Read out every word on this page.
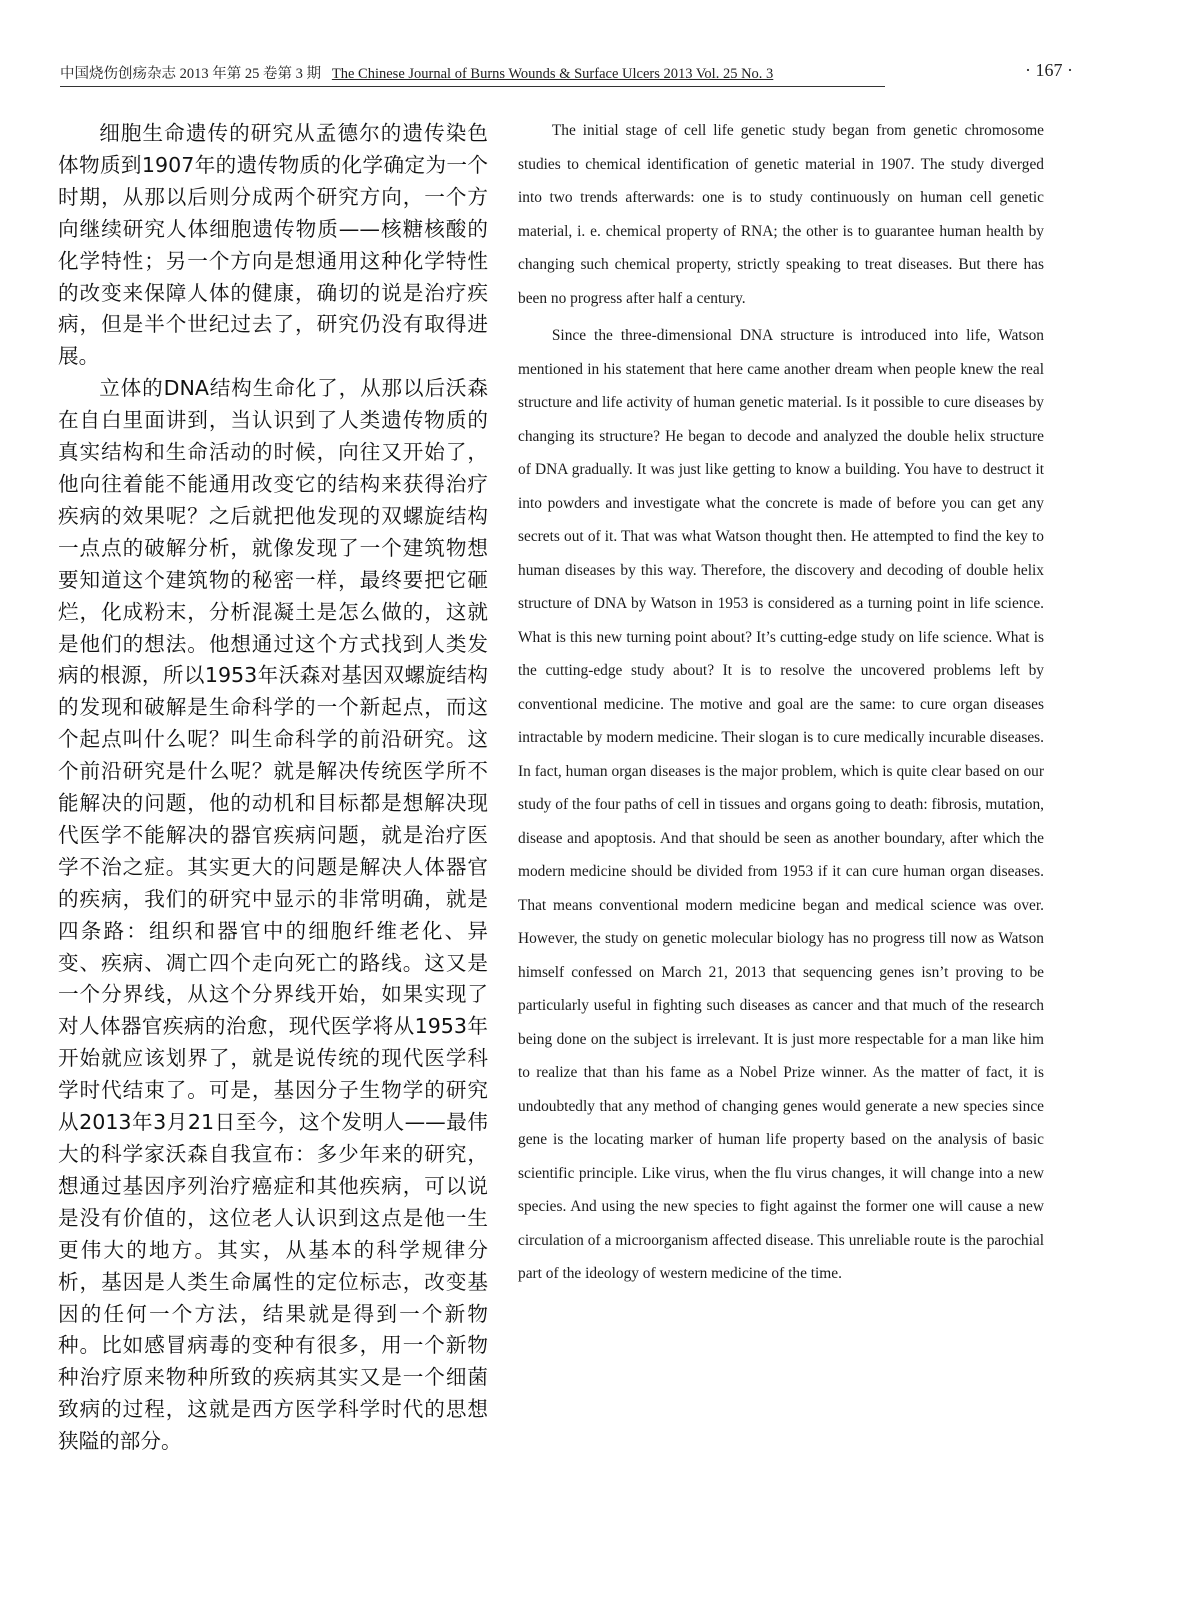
中国烧伤创疡杂志 2013 年第 25 卷第 3 期 The Chinese Journal of Burns Wounds & Surface Ulcers 2013 Vol. 25 No. 3	· 167 ·

细胞生命遗传的研究从孟德尔的遗传染色体物质到1907年的遗传物质的化学确定为一个时期，从那以后则分成两个研究方向，一个方向继续研究人体细胞遗传物质——核糖核酸的化学特性；另一个方向是想通用这种化学特性的改变来保障人体的健康，确切的说是治疗疾病，但是半个世纪过去了，研究仍没有取得进展。

立体的DNA结构生命化了，从那以后沃森在自白里面讲到，当认识到了人类遗传物质的真实结构和生命活动的时候，向往又开始了，他向往着能不能通用改变它的结构来获得治疗疾病的效果呢？之后就把他发现的双螺旋结构一点点的破解分析，就像发现了一个建筑物想要知道这个建筑物的秘密一样，最终要把它砸烂，化成粉末，分析混凝土是怎么做的，这就是他们的想法。他想通过这个方式找到人类发病的根源，所以1953年沃森对基因双螺旋结构的发现和破解是生命科学的一个新起点，而这个起点叫什么呢？叫生命科学的前沿研究。这个前沿研究是什么呢？就是解决传统医学所不能解决的问题，他的动机和目标都是想解决现代医学不能解决的器官疾病问题，就是治疗医学不治之症。其实更大的问题是解决人体器官的疾病，我们的研究中显示的非常明确，就是四条路：组织和器官中的细胞纤维老化、异变、疾病、凋亡四个走向死亡的路线。这又是一个分界线，从这个分界线开始，如果实现了对人体器官疾病的治愈，现代医学将从1953年开始就应该划界了，就是说传统的现代医学科学时代结束了。可是，基因分子生物学的研究从2013年3月21日至今，这个发明人——最伟大的科学家沃森自我宣布：多少年来的研究，想通过基因序列治疗癌症和其他疾病，可以说是没有价值的，这位老人认识到这点是他一生更伟大的地方。其实，从基本的科学规律分析，基因是人类生命属性的定位标志，改变基因的任何一个方法，结果就是得到一个新物种。比如感冒病毒的变种有很多，用一个新物种治疗原来物种所致的疾病其实又是一个细菌致病的过程，这就是西方医学科学时代的思想狭隘的部分。

The initial stage of cell life genetic study began from genetic chromosome studies to chemical identification of genetic material in 1907. The study diverged into two trends afterwards: one is to study continuously on human cell genetic material, i. e. chemical property of RNA; the other is to guarantee human health by changing such chemical property, strictly speaking to treat diseases. But there has been no progress after half a century.

Since the three-dimensional DNA structure is introduced into life, Watson mentioned in his statement that here came another dream when people knew the real structure and life activity of human genetic material. Is it possible to cure diseases by changing its structure? He began to decode and analyzed the double helix structure of DNA gradually. It was just like getting to know a building. You have to destruct it into powders and investigate what the concrete is made of before you can get any secrets out of it. That was what Watson thought then. He attempted to find the key to human diseases by this way. Therefore, the discovery and decoding of double helix structure of DNA by Watson in 1953 is considered as a turning point in life science. What is this new turning point about? It’s cutting-edge study on life science. What is the cutting-edge study about? It is to resolve the uncovered problems left by conventional medicine. The motive and goal are the same: to cure organ diseases intractable by modern medicine. Their slogan is to cure medically incurable diseases. In fact, human organ diseases is the major problem, which is quite clear based on our study of the four paths of cell in tissues and organs going to death: fibrosis, mutation, disease and apoptosis. And that should be seen as another boundary, after which the modern medicine should be divided from 1953 if it can cure human organ diseases. That means conventional modern medicine began and medical science was over. However, the study on genetic molecular biology has no progress till now as Watson himself confessed on March 21, 2013 that sequencing genes isn’t proving to be particularly useful in fighting such diseases as cancer and that much of the research being done on the subject is irrelevant. It is just more respectable for a man like him to realize that than his fame as a Nobel Prize winner. As the matter of fact, it is undoubtedly that any method of changing genes would generate a new species since gene is the locating marker of human life property based on the analysis of basic scientific principle. Like virus, when the flu virus changes, it will change into a new species. And using the new species to fight against the former one will cause a new circulation of a microorganism affected disease. This unreliable route is the parochial part of the ideology of western medicine of the time.
